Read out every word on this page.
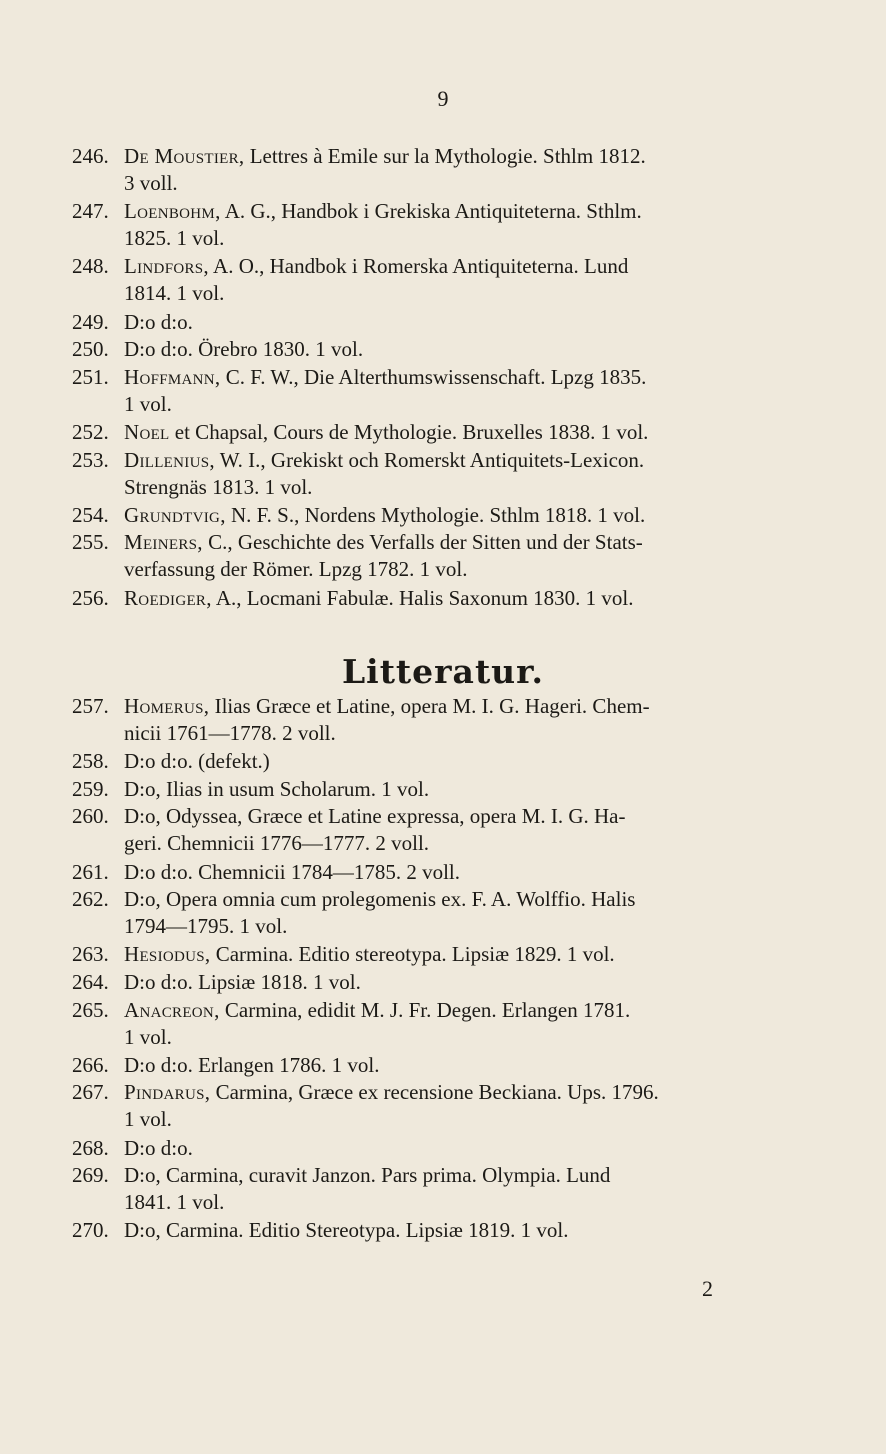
9
246. De Moustier, Lettres à Emile sur la Mythologie. Sthlm 1812.
3 voll.
247. Loenbohm, A. G., Handbok i Grekiska Antiquiteterna. Sthlm.
1825. 1 vol.
248. Lindfors, A. O., Handbok i Romerska Antiquiteterna. Lund
1814. 1 vol.
249. D:o d:o.
250. D:o d:o. Örebro 1830. 1 vol.
251. Hoffmann, C. F. W., Die Alterthumswissenschaft. Lpzg 1835.
1 vol.
252. Noel et Chapsal, Cours de Mythologie. Bruxelles 1838. 1 vol.
253. Dillenius, W. I., Grekiskt och Romerskt Antiquitets-Lexicon.
Strengnäs 1813. 1 vol.
254. Grundtvig, N. F. S., Nordens Mythologie. Sthlm 1818. 1 vol.
255. Meiners, C., Geschichte des Verfalls der Sitten und der Stats-
verfassung der Römer. Lpzg 1782. 1 vol.
256. Roediger, A., Locmani Fabulæ. Halis Saxonum 1830. 1 vol.
257. Homerus, Ilias Græce et Latine, opera M. I. G. Hageri. Chem-
nicii 1761—1778. 2 voll.
258. D:o d:o. (defekt.)
259. D:o, Ilias in usum Scholarum. 1 vol.
260. D:o, Odyssea, Græce et Latine expressa, opera M. I. G. Ha-
geri. Chemnicii 1776—1777. 2 voll.
261. D:o d:o. Chemnicii 1784—1785. 2 voll.
262. D:o, Opera omnia cum prolegomenis ex. F. A. Wolffio. Halis
1794—1795. 1 vol.
263. Hesiodus, Carmina. Editio stereotypa. Lipsiæ 1829. 1 vol.
264. D:o d:o. Lipsiæ 1818. 1 vol.
265. Anacreon, Carmina, edidit M. J. Fr. Degen. Erlangen 1781.
1 vol.
266. D:o d:o. Erlangen 1786. 1 vol.
267. Pindarus, Carmina, Græce ex recensione Beckiana. Ups. 1796.
1 vol.
268. D:o d:o.
269. D:o, Carmina, curavit Janzon. Pars prima. Olympia. Lund
1841. 1 vol.
270. D:o, Carmina. Editio Stereotypa. Lipsiæ 1819. 1 vol.
Litteratur.
2
